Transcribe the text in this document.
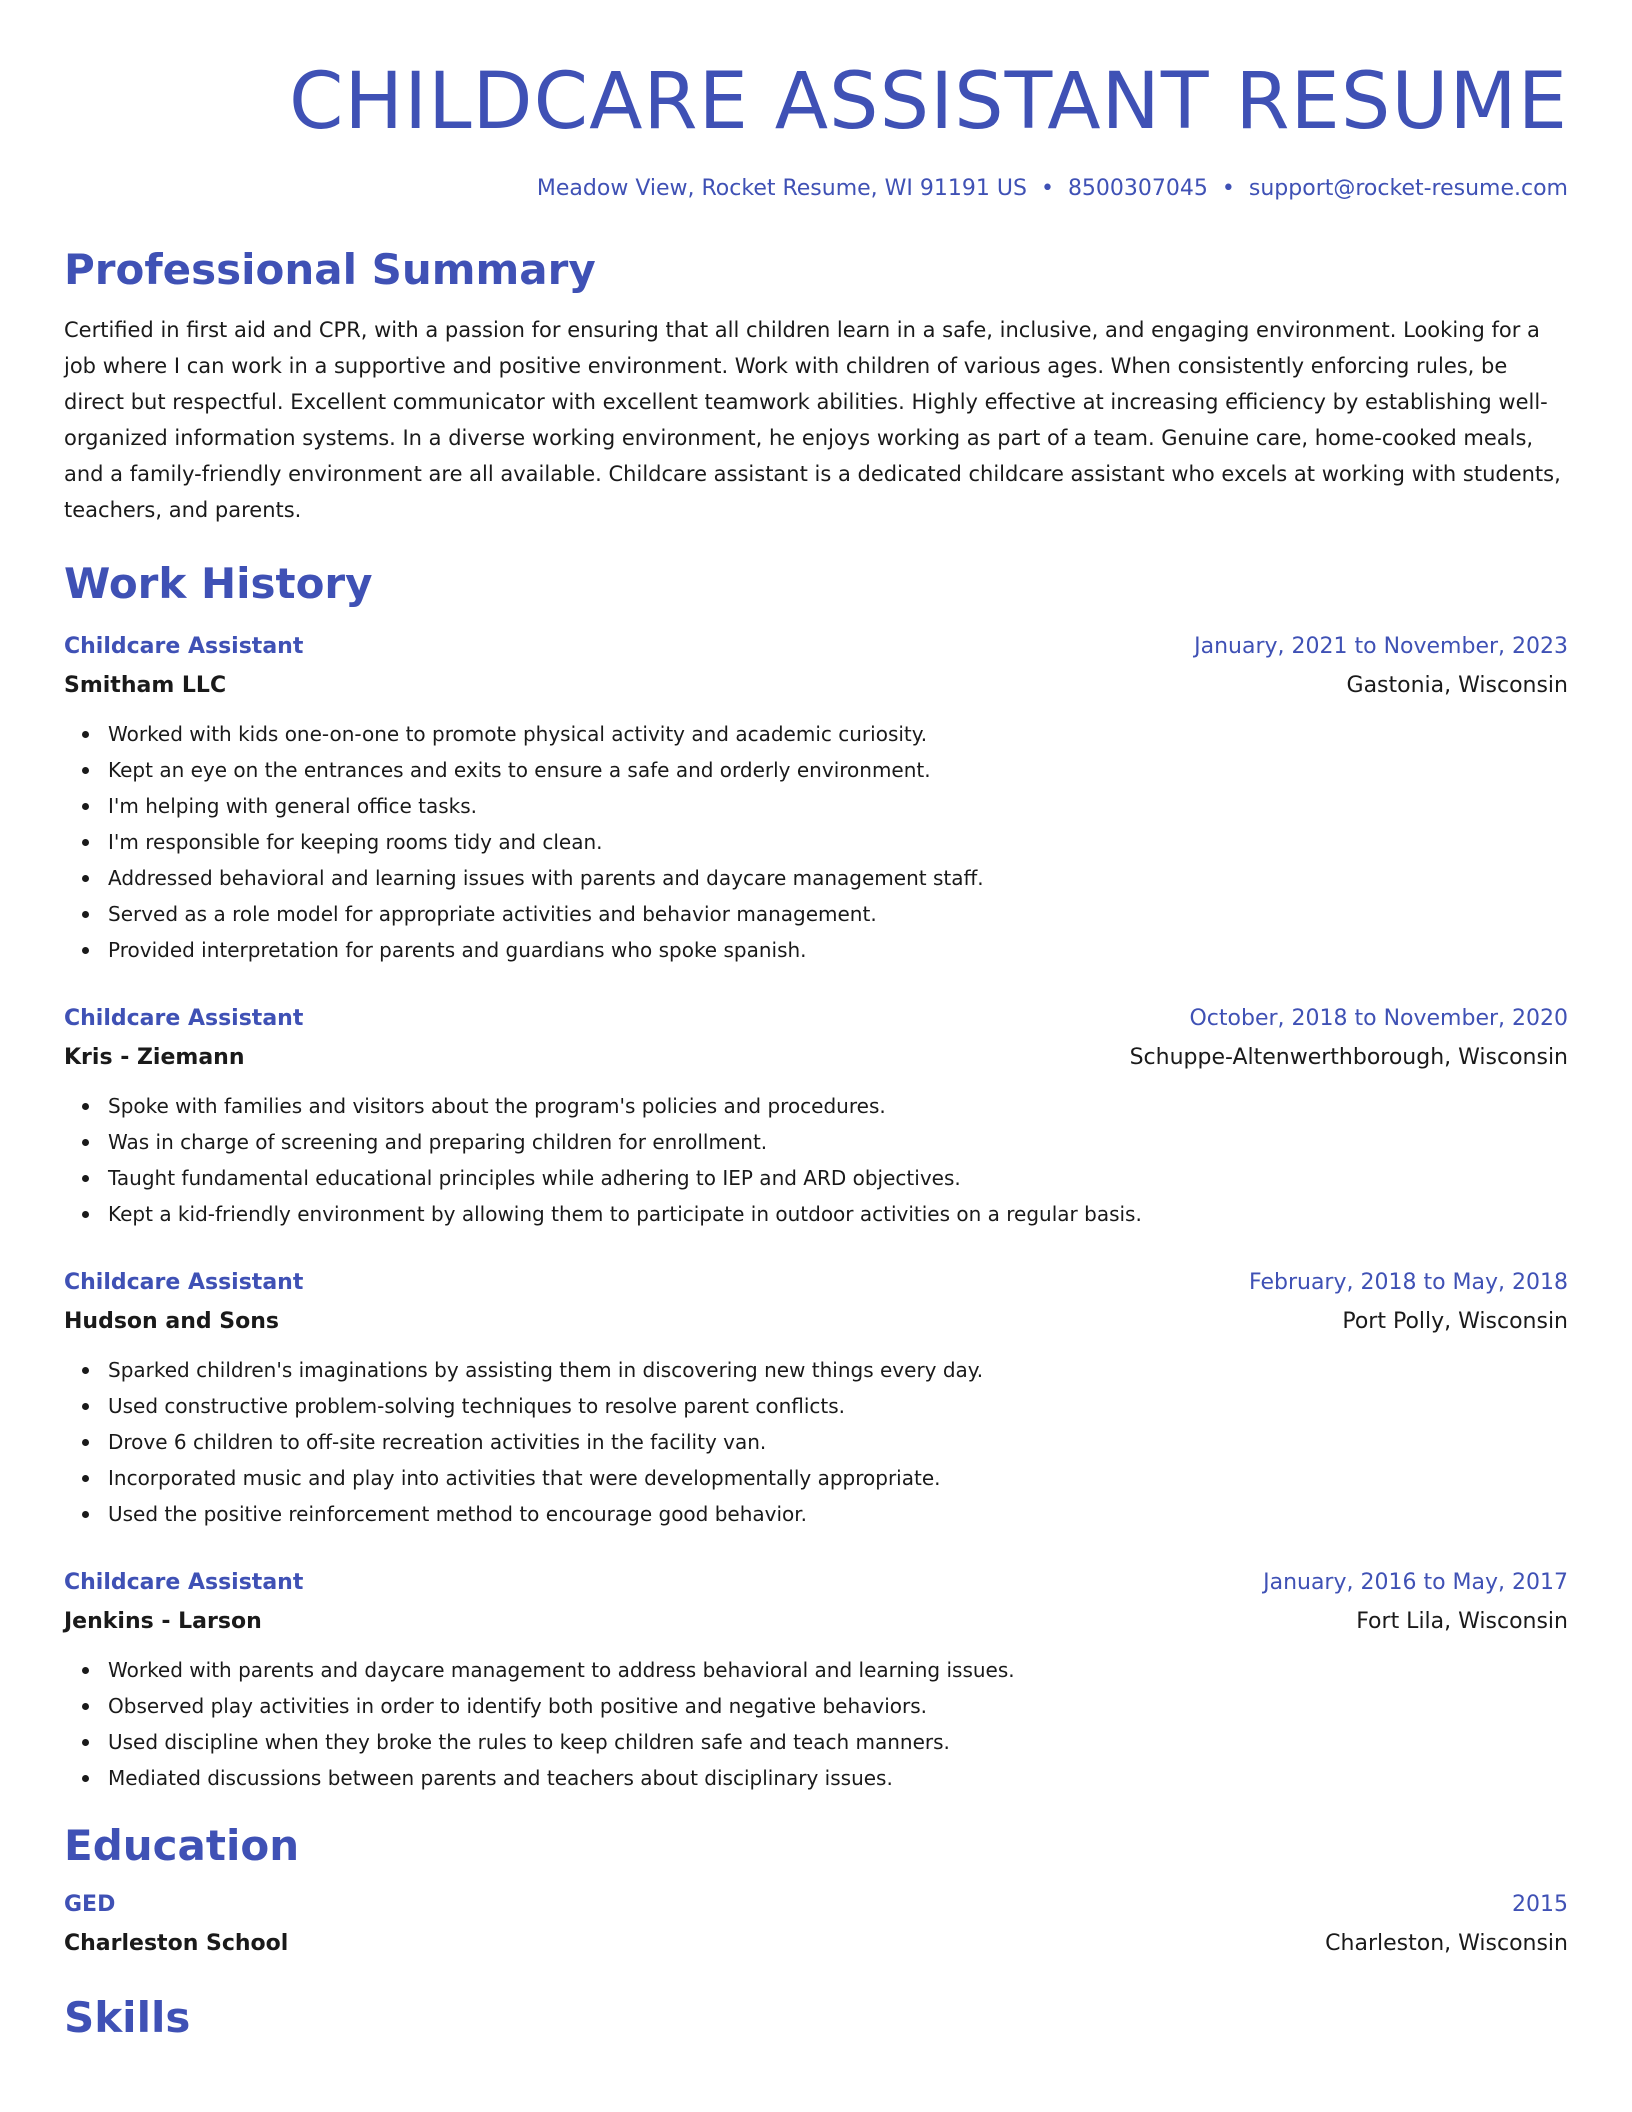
CHILDCARE ASSISTANT RESUME
Meadow View, Rocket Resume, WI 91191 US • 8500307045 • support@rocket-resume.com
Professional Summary

Certified in first aid and CPR, with a passion for ensuring that all children learn in a safe, inclusive, and engaging environment. Looking for a job where I can work in a supportive and positive environment. Work with children of various ages. When consistently enforcing rules, be direct but respectful. Excellent communicator with excellent teamwork abilities. Highly effective at increasing efficiency by establishing well-organized information systems. In a diverse working environment, he enjoys working as part of a team. Genuine care, home-cooked meals, and a family-friendly environment are all available. Childcare assistant is a dedicated childcare assistant who excels at working with students, teachers, and parents.

Work History
Childcare Assistant	January, 2021 to November, 2023
Smitham LLC	Gastonia, Wisconsin
Worked with kids one-on-one to promote physical activity and academic curiosity.
Kept an eye on the entrances and exits to ensure a safe and orderly environment.
I'm helping with general office tasks.
I'm responsible for keeping rooms tidy and clean.
Addressed behavioral and learning issues with parents and daycare management staff.
Served as a role model for appropriate activities and behavior management.
Provided interpretation for parents and guardians who spoke spanish.
Childcare Assistant	October, 2018 to November, 2020
Kris - Ziemann	Schuppe-Altenwerthborough, Wisconsin
Spoke with families and visitors about the program's policies and procedures.
Was in charge of screening and preparing children for enrollment.
Taught fundamental educational principles while adhering to IEP and ARD objectives.
Kept a kid-friendly environment by allowing them to participate in outdoor activities on a regular basis.
Childcare Assistant	February, 2018 to May, 2018
Hudson and Sons	Port Polly, Wisconsin
Sparked children's imaginations by assisting them in discovering new things every day.
Used constructive problem-solving techniques to resolve parent conflicts.
Drove 6 children to off-site recreation activities in the facility van.
Incorporated music and play into activities that were developmentally appropriate.
Used the positive reinforcement method to encourage good behavior.
Childcare Assistant	January, 2016 to May, 2017
Jenkins - Larson	Fort Lila, Wisconsin
Worked with parents and daycare management to address behavioral and learning issues.
Observed play activities in order to identify both positive and negative behaviors.
Used discipline when they broke the rules to keep children safe and teach manners.
Mediated discussions between parents and teachers about disciplinary issues.
Education
GED	2015
Charleston School	Charleston, Wisconsin
Skills
